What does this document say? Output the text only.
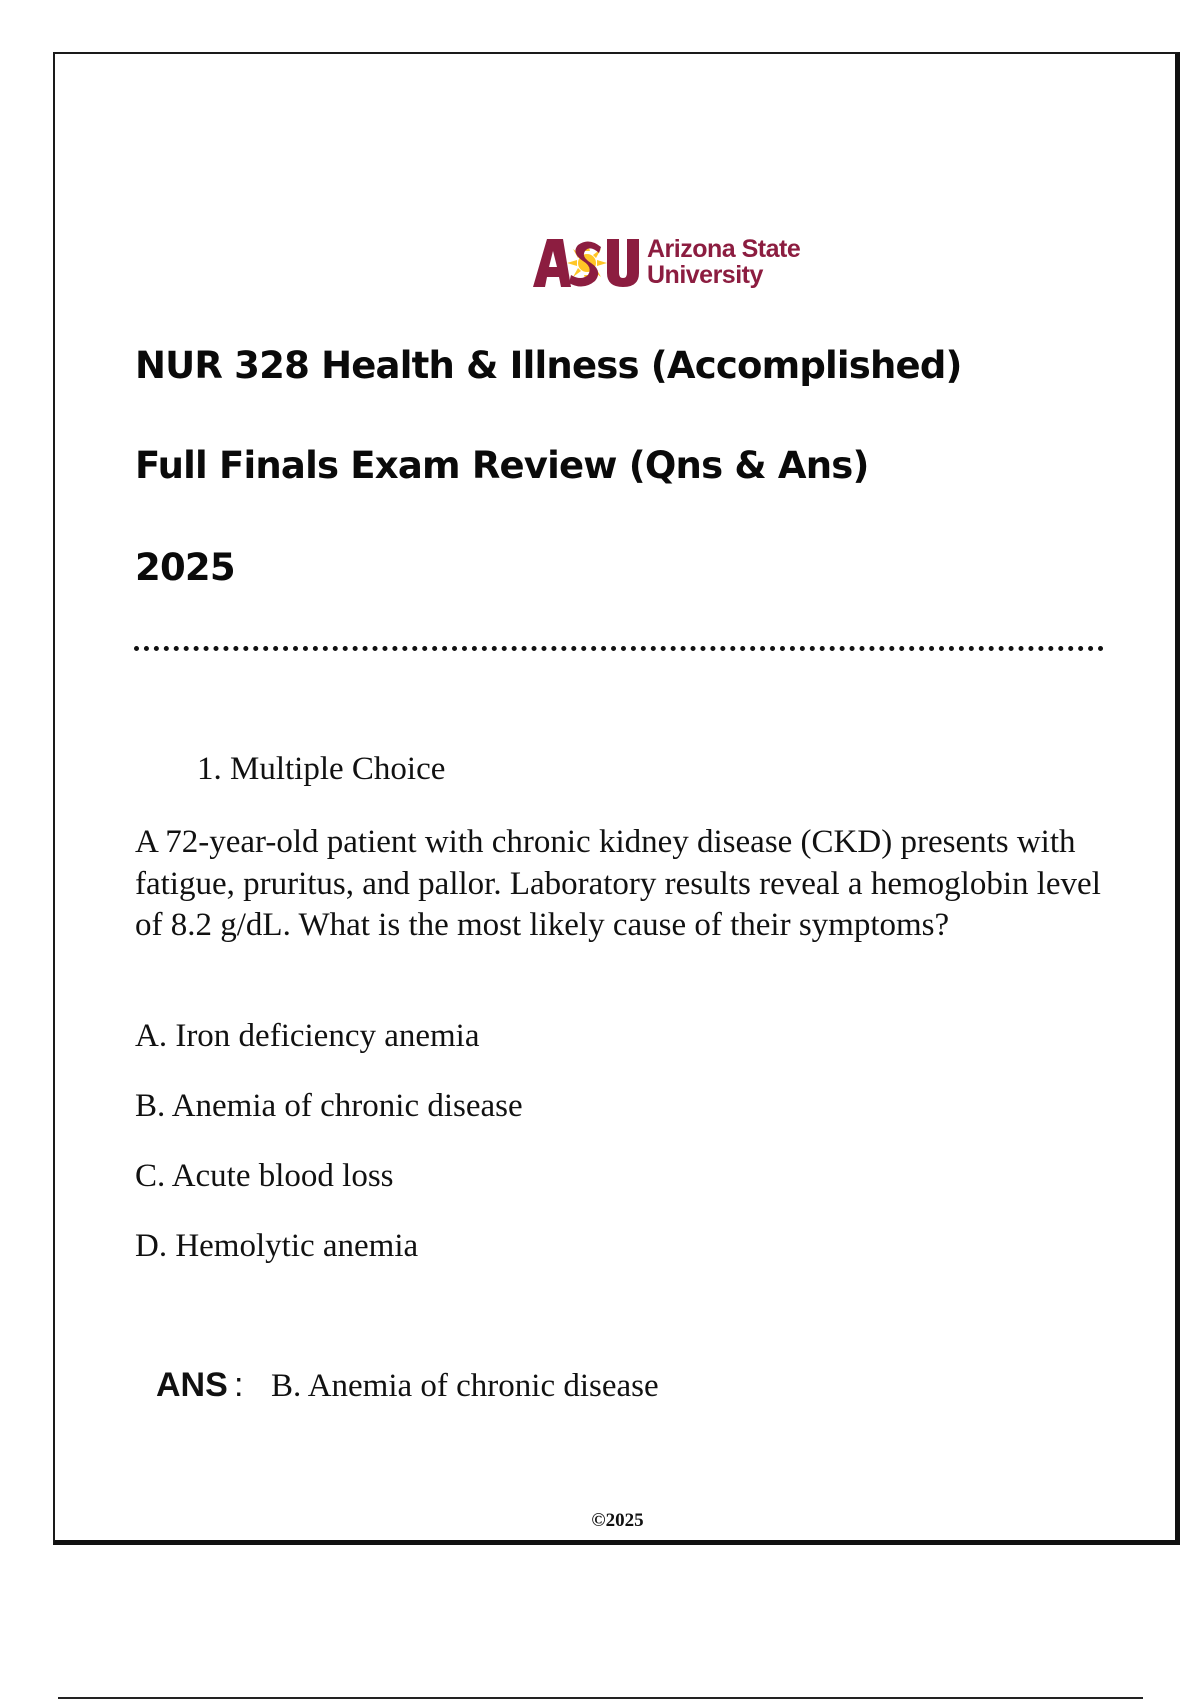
Arizona State
University
NUR 328 Health & Illness (Accomplished)
Full Finals Exam Review (Qns & Ans)
2025
1. Multiple Choice
A 72-year-old patient with chronic kidney disease (CKD) presents with fatigue, pruritus, and pallor. Laboratory results reveal a hemoglobin level of 8.2 g/dL. What is the most likely cause of their symptoms?
A. Iron deficiency anemia
B. Anemia of chronic disease
C. Acute blood loss
D. Hemolytic anemia
ANS : B. Anemia of chronic disease
©2025
